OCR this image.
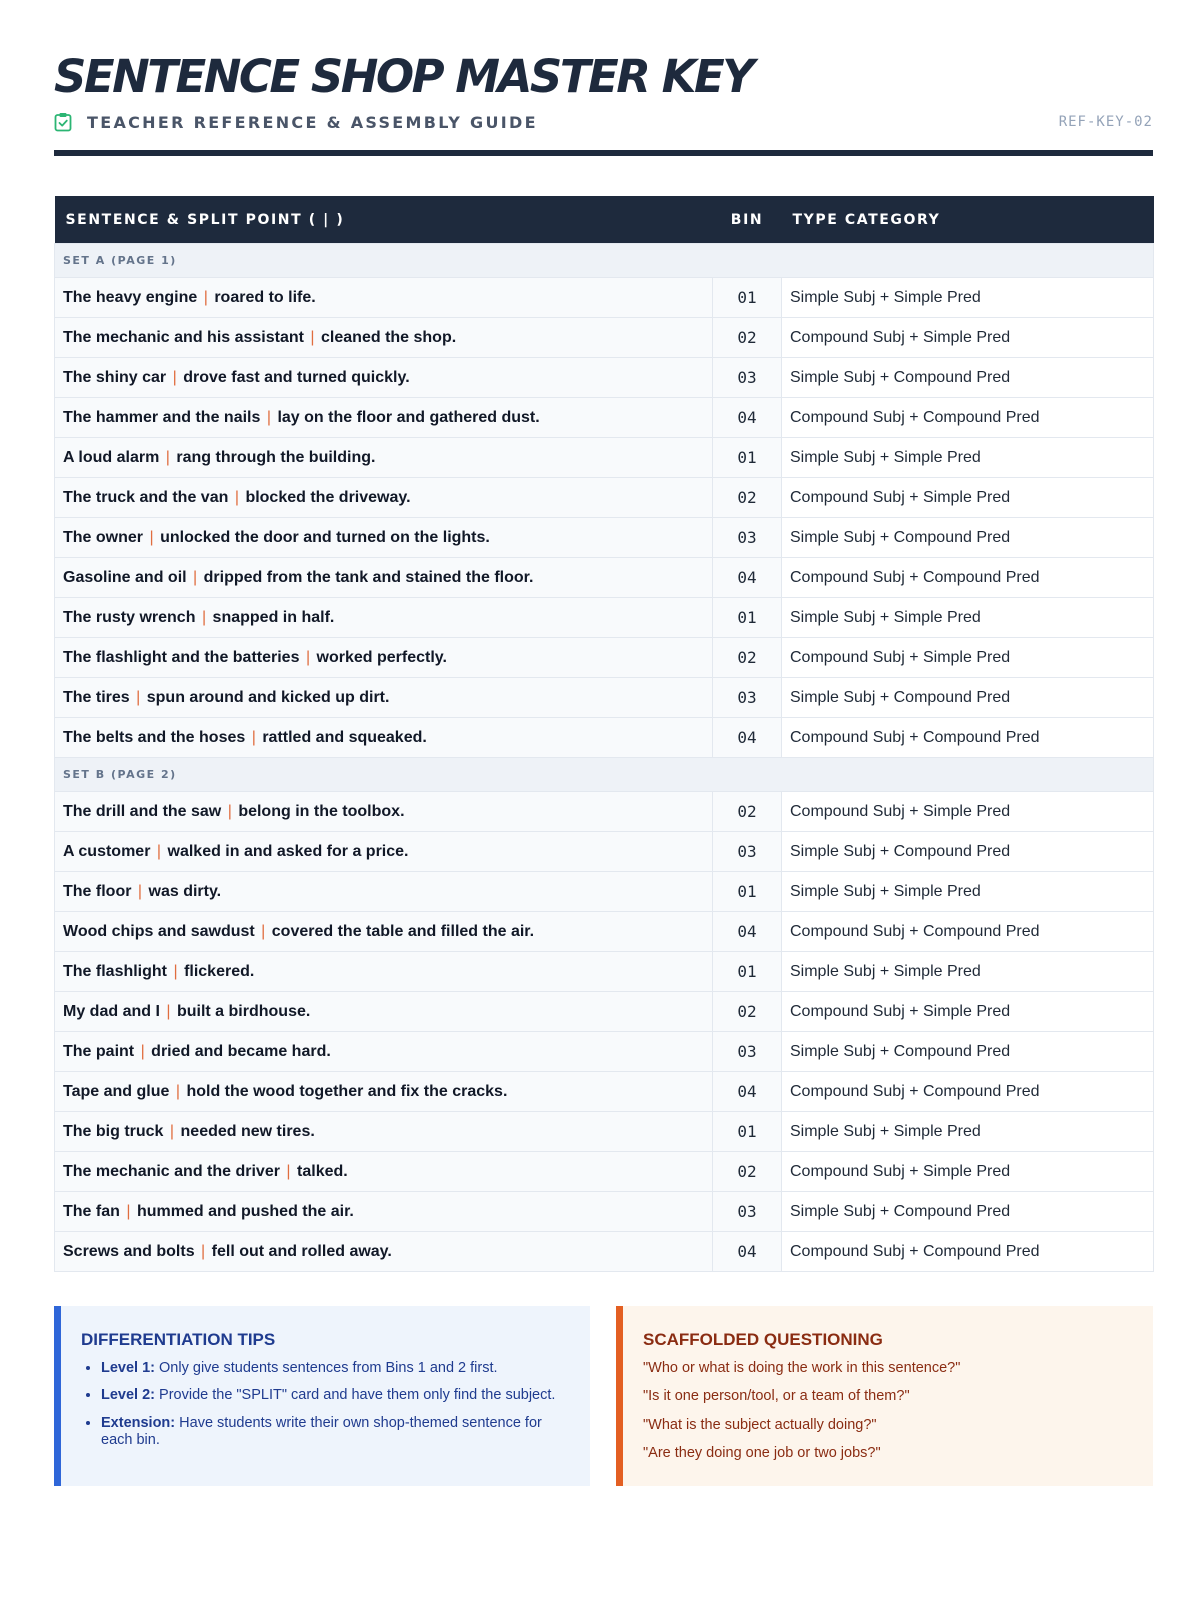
SENTENCE SHOP MASTER KEY
TEACHER REFERENCE & ASSEMBLY GUIDE	REF-KEY-02
SENTENCE & SPLIT POINT ( | )	BIN	TYPE CATEGORY
SET A (PAGE 1)		
The heavy engine | roared to life.	01	Simple Subj + Simple Pred
The mechanic and his assistant | cleaned the shop.	02	Compound Subj + Simple Pred
The shiny car | drove fast and turned quickly.	03	Simple Subj + Compound Pred
The hammer and the nails | lay on the floor and gathered dust.	04	Compound Subj + Compound Pred
A loud alarm | rang through the building.	01	Simple Subj + Simple Pred
The truck and the van | blocked the driveway.	02	Compound Subj + Simple Pred
The owner | unlocked the door and turned on the lights.	03	Simple Subj + Compound Pred
Gasoline and oil | dripped from the tank and stained the floor.	04	Compound Subj + Compound Pred
The rusty wrench | snapped in half.	01	Simple Subj + Simple Pred
The flashlight and the batteries | worked perfectly.	02	Compound Subj + Simple Pred
The tires | spun around and kicked up dirt.	03	Simple Subj + Compound Pred
The belts and the hoses | rattled and squeaked.	04	Compound Subj + Compound Pred
SET B (PAGE 2)		
The drill and the saw | belong in the toolbox.	02	Compound Subj + Simple Pred
A customer | walked in and asked for a price.	03	Simple Subj + Compound Pred
The floor | was dirty.	01	Simple Subj + Simple Pred
Wood chips and sawdust | covered the table and filled the air.	04	Compound Subj + Compound Pred
The flashlight | flickered.	01	Simple Subj + Simple Pred
My dad and I | built a birdhouse.	02	Compound Subj + Simple Pred
The paint | dried and became hard.	03	Simple Subj + Compound Pred
Tape and glue | hold the wood together and fix the cracks.	04	Compound Subj + Compound Pred
The big truck | needed new tires.	01	Simple Subj + Simple Pred
The mechanic and the driver | talked.	02	Compound Subj + Simple Pred
The fan | hummed and pushed the air.	03	Simple Subj + Compound Pred
Screws and bolts | fell out and rolled away.	04	Compound Subj + Compound Pred
DIFFERENTIATION TIPS
• Level 1: Only give students sentences from Bins 1 and 2 first.
• Level 2: Provide the "SPLIT" card and have them only find the subject.
• Extension: Have students write their own shop-themed sentence for each bin.
SCAFFOLDED QUESTIONING
"Who or what is doing the work in this sentence?"
"Is it one person/tool, or a team of them?"
"What is the subject actually doing?"
"Are they doing one job or two jobs?"
